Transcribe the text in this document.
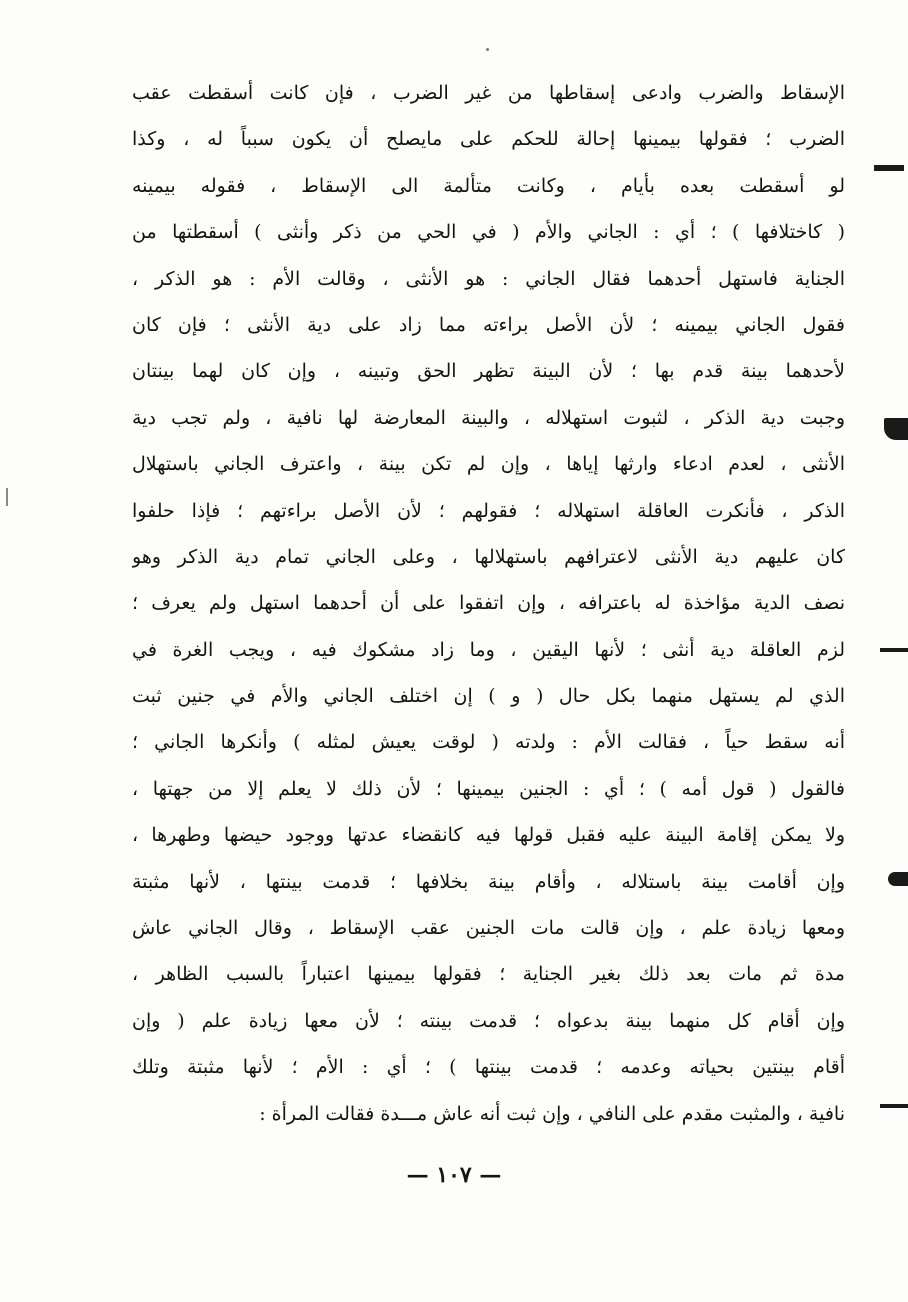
الإسقاط والضرب وادعى إسقاطها من غير الضرب ، فإن كانت أسقطت عقب
الضرب ؛ فقولها بيمينها إحالة للحكم على مايصلح أن يكون سبباً له ، وكذا
لو أسقطت بعده بأيام ، وكانت متألمة الى الإسقاط ، فقوله بيمينه
( كاختلافها ) ؛ أي : الجاني والأم ( في الحي من ذكر وأنثى ) أسقطتها من
الجناية فاستهل أحدهما فقال الجاني : هو الأنثى ، وقالت الأم : هو الذكر ،
فقول الجاني بيمينه ؛ لأن الأصل براءته مما زاد على دية الأنثى ؛ فإن كان
لأحدهما بينة قدم بها ؛ لأن البينة تظهر الحق وتبينه ، وإن كان لهما بينتان
وجبت دية الذكر ، لثبوت استهلاله ، والبينة المعارضة لها نافية ، ولم تجب دية
الأنثى ، لعدم ادعاء وارثها إياها ، وإن لم تكن بينة ، واعترف الجاني باستهلال
الذكر ، فأنكرت العاقلة استهلاله ؛ فقولهم ؛ لأن الأصل براءتهم ؛ فإذا حلفوا
كان عليهم دية الأنثى لاعترافهم باستهلالها ، وعلى الجاني تمام دية الذكر وهو
نصف الدية مؤاخذة له باعترافه ، وإن اتفقوا على أن أحدهما استهل ولم يعرف ؛
لزم العاقلة دية أنثى ؛ لأنها اليقين ، وما زاد مشكوك فيه ، ويجب الغرة في
الذي لم يستهل منهما بكل حال ( و ) إن اختلف الجاني والأم في جنين ثبت
أنه سقط حياً ، فقالت الأم : ولدته ( لوقت يعيش لمثله ) وأنكرها الجاني ؛
فالقول ( قول أمه ) ؛ أي : الجنين بيمينها ؛ لأن ذلك لا يعلم إلا من جهتها ،
ولا يمكن إقامة البينة عليه فقبل قولها فيه كانقضاء عدتها ووجود حيضها وطهرها ،
وإن أقامت بينة باستلاله ، وأقام بينة بخلافها ؛ قدمت بينتها ، لأنها مثبتة
ومعها زيادة علم ، وإن قالت مات الجنين عقب الإسقاط ، وقال الجاني عاش
مدة ثم مات بعد ذلك بغير الجناية ؛ فقولها بيمينها اعتباراً بالسبب الظاهر ،
وإن أقام كل منهما بينة بدعواه ؛ قدمت بينته ؛ لأن معها زيادة علم ( وإن
أقام بينتين بحياته وعدمه ؛ قدمت بينتها ) ؛ أي : الأم ؛ لأنها مثبتة وتلك
نافية ، والمثبت مقدم على النافي ، وإن ثبت أنه عاش مـــدة فقالت المرأة :
— ١٠٧ —
